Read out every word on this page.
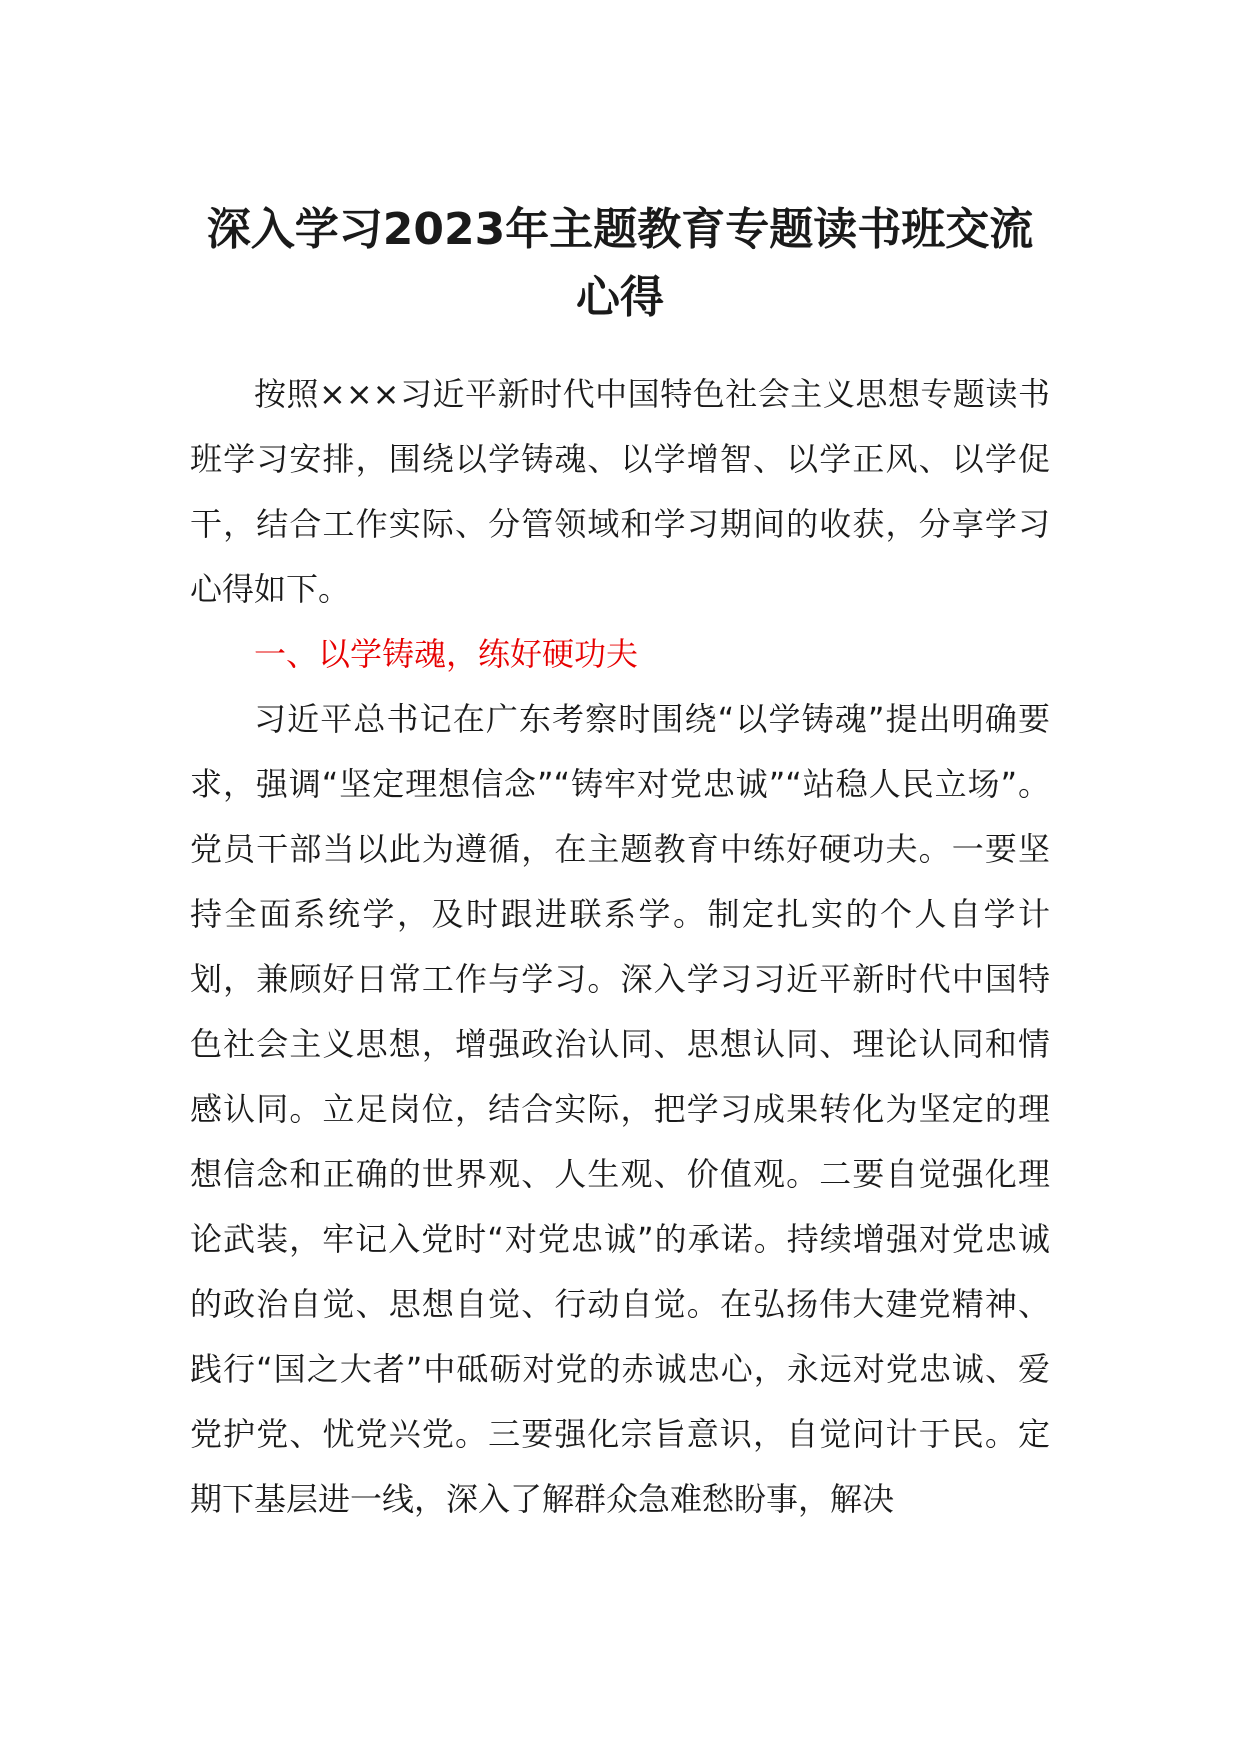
深入学习2023年主题教育专题读书班交流
心得

按照×××习近平新时代中国特色社会主义思想专题读书班学习安排，围绕以学铸魂、以学增智、以学正风、以学促干，结合工作实际、分管领域和学习期间的收获，分享学习心得如下。

一、以学铸魂，练好硬功夫

习近平总书记在广东考察时围绕“以学铸魂”提出明确要求，强调“坚定理想信念”“铸牢对党忠诚”“站稳人民立场”。党员干部当以此为遵循，在主题教育中练好硬功夫。一要坚持全面系统学，及时跟进联系学。制定扎实的个人自学计划，兼顾好日常工作与学习。深入学习习近平新时代中国特色社会主义思想，增强政治认同、思想认同、理论认同和情感认同。立足岗位，结合实际，把学习成果转化为坚定的理想信念和正确的世界观、人生观、价值观。二要自觉强化理论武装，牢记入党时“对党忠诚”的承诺。持续增强对党忠诚的政治自觉、思想自觉、行动自觉。在弘扬伟大建党精神、践行“国之大者”中砥砺对党的赤诚忠心，永远对党忠诚、爱党护党、忧党兴党。三要强化宗旨意识，自觉问计于民。定期下基层进一线，深入了解群众急难愁盼事，解决
